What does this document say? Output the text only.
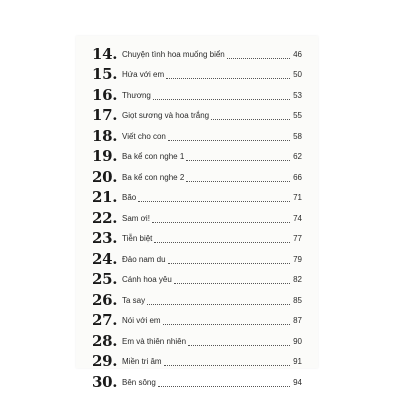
14. Chuyện tình hoa muống biển	46
15. Hứa với em	50
16. Thương	53
17. Giọt sương và hoa trắng	55
18. Viết cho con	58
19. Ba kể con nghe 1	62
20. Ba kể con nghe 2	66
21. Bão	71
22. Sam ơi!	74
23. Tiễn biệt	77
24. Đảo nam du	79
25. Cánh hoa yêu	82
26. Ta say	85
27. Nói với em	87
28. Em và thiên nhiên	90
29. Miền tri âm	91
30. Bên sông	94
